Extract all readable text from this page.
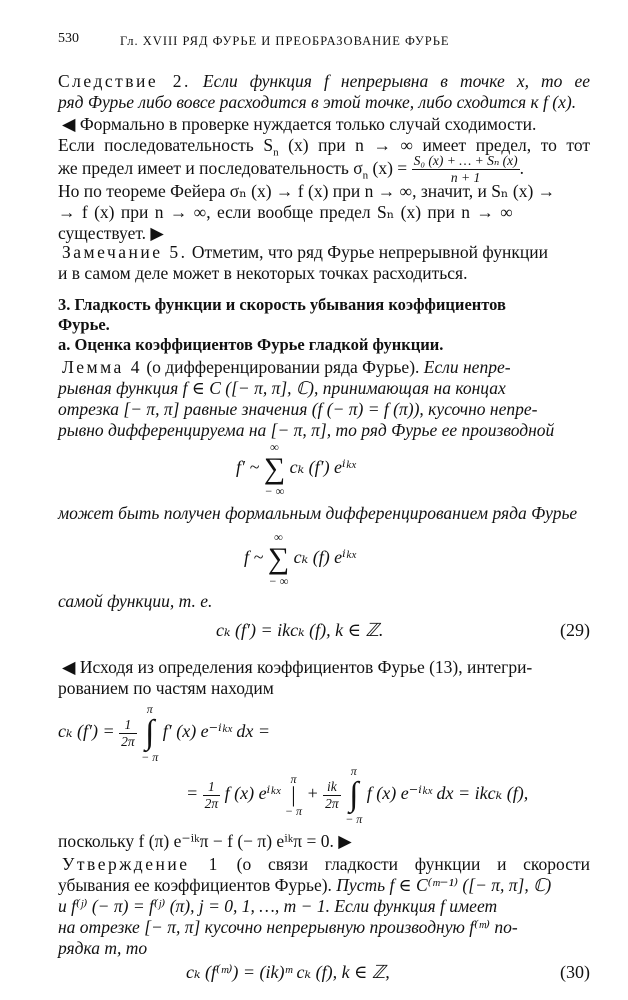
530	Гл. XVIII РЯД ФУРЬЕ И ПРЕОБРАЗОВАНИЕ ФУРЬЕ
Следствие 2. Если функция f непрерывна в точке x, то ее
ряд Фурье либо вовсе расходится в этой точке, либо сходится к f (x).
◀ Формально в проверке нуждается только случай сходимости.
Если последовательность $S_n$ (x) при n → ∞ имеет предел, то тот
же предел имеет и последовательность $\sigma_n$ $(x) = \frac{\text{S₀ (x) + … + Sₙ (x)}}{n + 1}$ .
Но по теореме Фейера σₙ (x) → f (x) при n → ∞, значит, и Sₙ (x) →
→ f (x) при n → ∞, если вообще предел Sₙ (x) при n → ∞
существует. ▶
Замечание 5. Отметим, что ряд Фурье непрерывной функции
и в самом деле может в некоторых точках расходиться.
3. Гладкость функции и скорость убывания коэффициентов
Фурье.
а. Оценка коэффициентов Фурье гладкой функции.
Лемма 4 (о дифференцировании ряда Фурье). Если непре-
рывная функция f ∈ C ([− π, π], ℂ), принимающая на концах
отрезка [− π, π] равные значения (f (− π) = f (π)), кусочно непре-
рывно дифференцируема на [− π, π], то ряд Фурье ее производной
f′ ~
∞
∑
− ∞
cₖ (f′) eⁱᵏˣ
может быть получен формальным дифференцированием ряда Фурье
f ~
∞
∑
− ∞
cₖ (f) eⁱᵏˣ
самой функции, т. е.
cₖ (f′) = ikcₖ (f), k ∈ ℤ.	(29)
◀ Исходя из определения коэффициентов Фурье (13), интегри-
рованием по частям находим
cₖ $(f') = \frac{1}{2\pi}$

π
∫
− π
f′ (x) e⁻ⁱᵏˣ dx =
= $\frac{1}{2\pi}$ f (x) eⁱᵏˣ
π
|
− π
+ $\frac{ik}{2\pi}$

π
∫
− π
f (x) e⁻ⁱᵏˣ dx = ikcₖ (f),
поскольку f (π) e⁻ⁱᵏπ − f (− π) eⁱᵏπ = 0. ▶
Утверждение 1 (о связи гладкости функции и скорости
убывания ее коэффициентов Фурье). Пусть f ∈ C⁽ᵐ⁻¹⁾ ([− π, π], ℂ)
и f⁽ʲ⁾ (− π) = f⁽ʲ⁾ (π), j = 0, 1, …, m − 1. Если функция f имеет
на отрезке [− π, π] кусочно непрерывную производную f⁽ᵐ⁾ по-
рядка m, то
cₖ (f⁽ᵐ⁾) = (ik)ᵐ cₖ (f), k ∈ ℤ,	(30)
